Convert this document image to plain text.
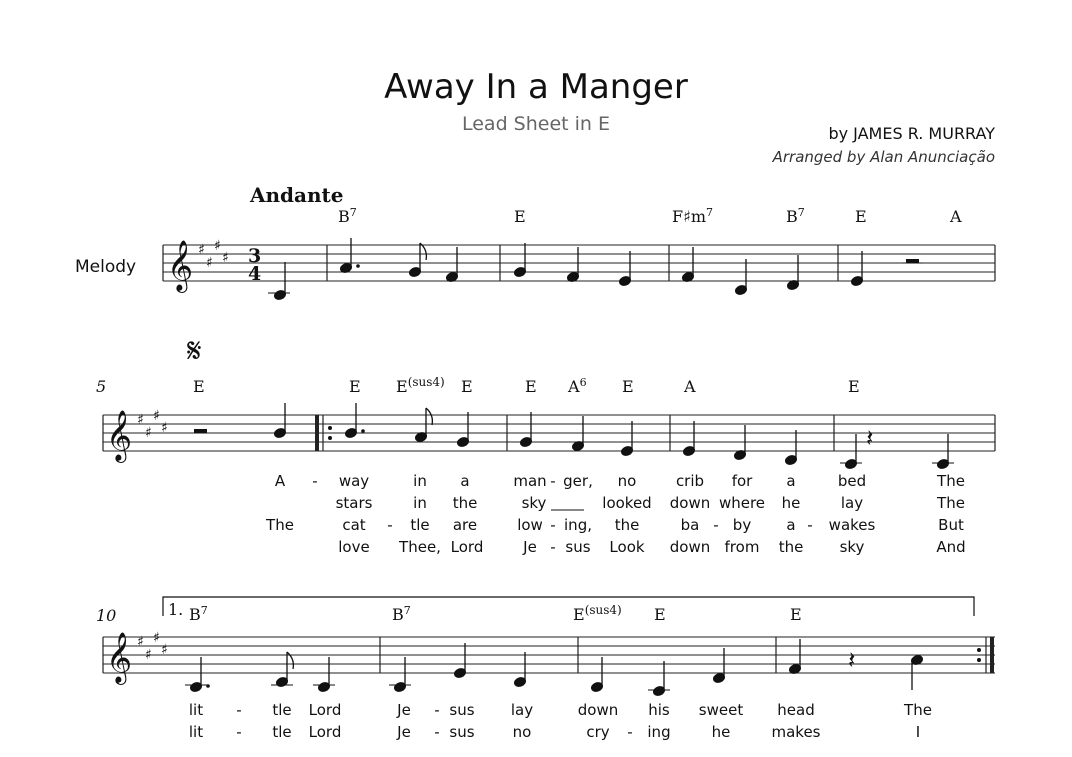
Away In a Manger
Lead Sheet in E	by JAMES R. MURRAY
Arranged by Alan Anunciação
Andante
Melody 𝄞 ♯
♯
♯
♯ 3
4
$B^7$	E	$F♯m^7$	$B^7$	E	A
𝄋
5
𝄞 ♯
♯
♯
♯
E	E $E^{(sus4)}$ E	E $A^6$ E	A	E
𝄽
A - way	in a	man - ger, no	crib for a	bed	The
stars	in the	sky	looked down where he	lay	The
The	cat - tle are	low - ing, the	ba - by a - wakes	But
love Thee, Lord	Je - sus Look down from the sky	And
10	1.
𝄞 ♯
♯
♯
♯
$B^7$	$B^7$	$E^{(sus4)}$ E	E
𝄽
lit - tle Lord	Je - sus lay	down his sweet head	The
lit - tle Lord	Je - sus	no	cry - ing	he	makes	I
